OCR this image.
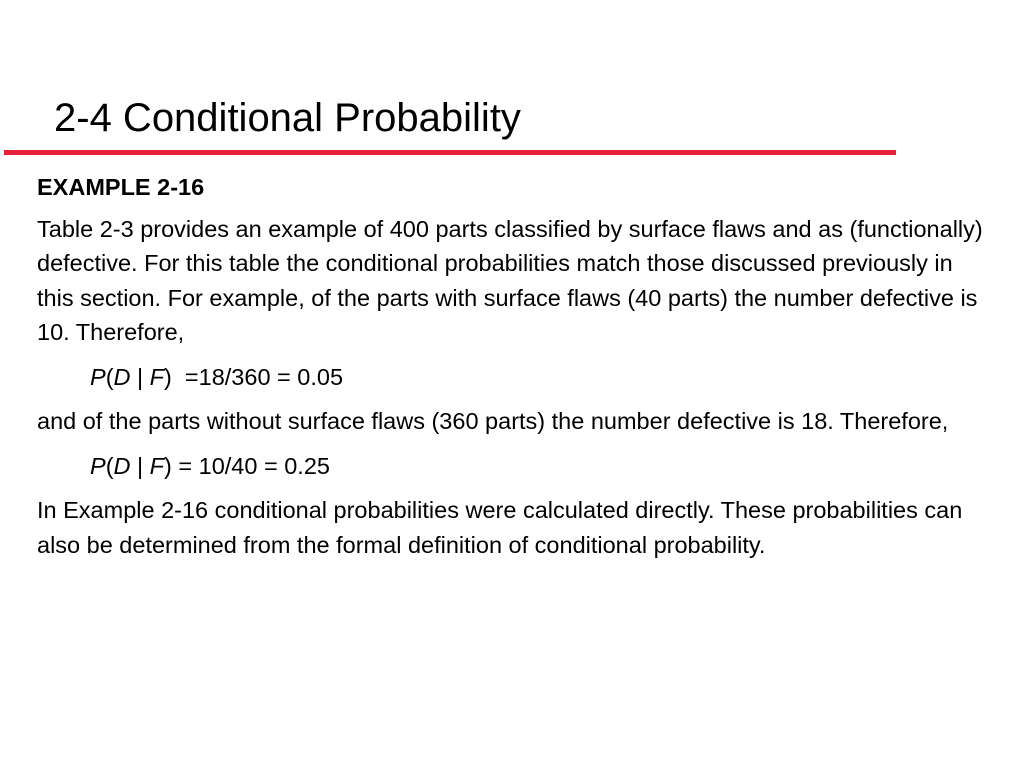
2-4 Conditional Probability
EXAMPLE 2-16

Table 2-3 provides an example of 400 parts classified by surface flaws and as (functionally) defective. For this table the conditional probabilities match those discussed previously in this section. For example, of the parts with surface flaws (40 parts) the number defective is 10. Therefore,

P(D | F)  =18/360 = 0.05

and of the parts without surface flaws (360 parts) the number defective is 18. Therefore,

P(D | F) = 10/40 = 0.25

In Example 2-16 conditional probabilities were calculated directly. These probabilities can also be determined from the formal definition of conditional probability.
